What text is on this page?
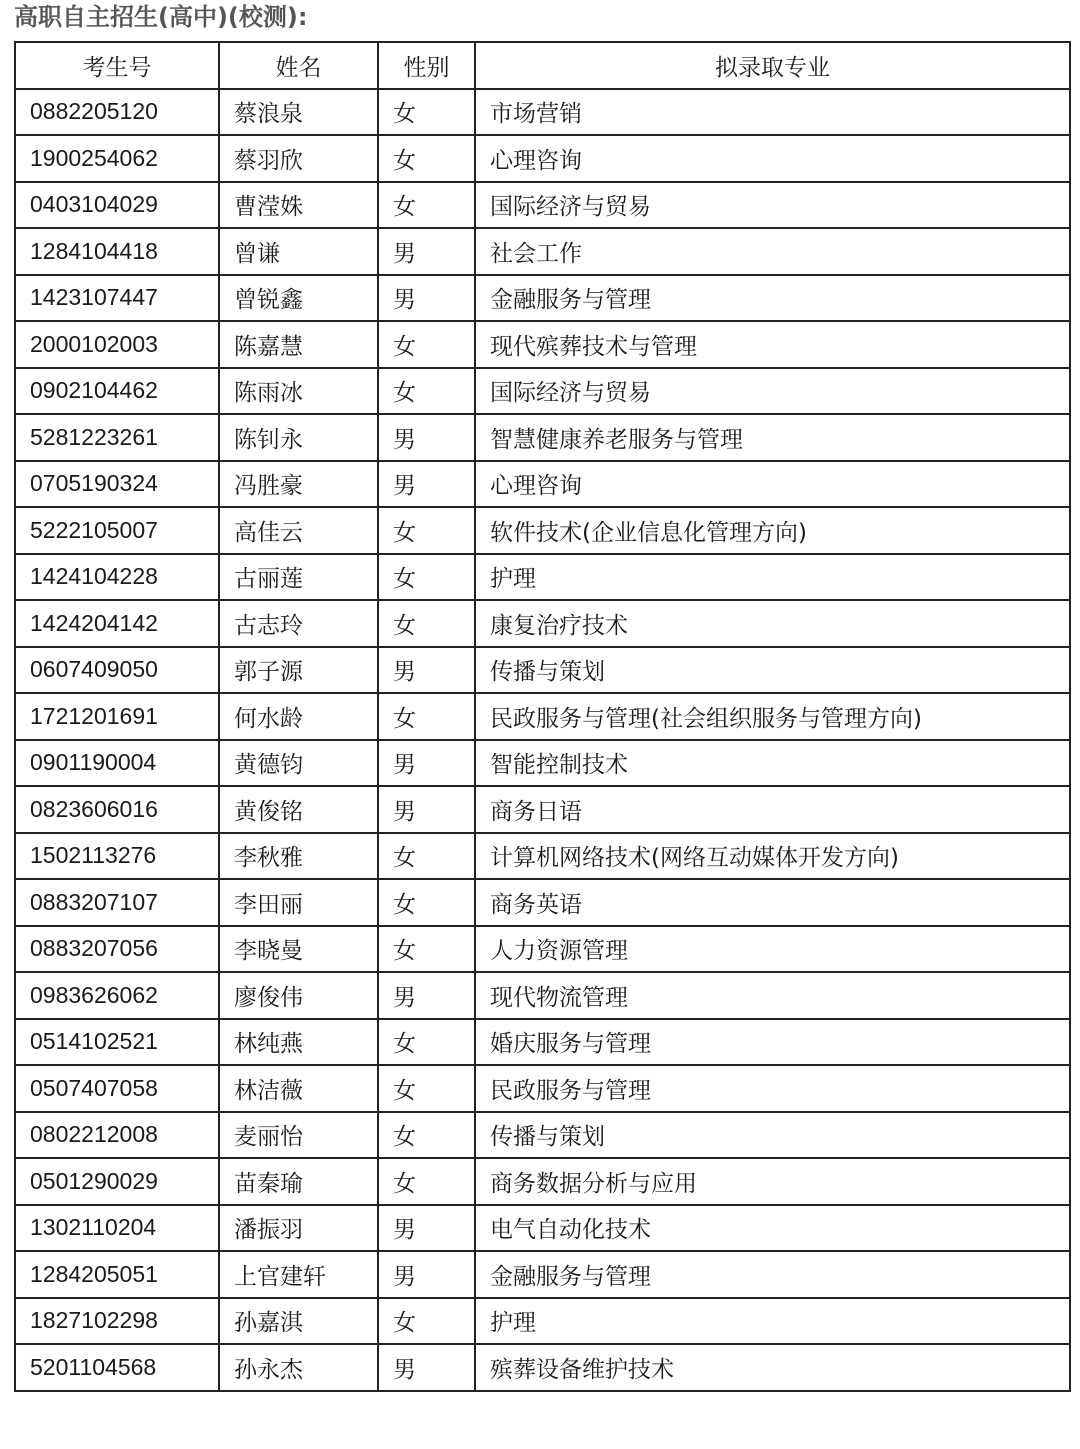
高职自主招生(高中)(校测):
考生号	姓名	性别	拟录取专业
0882205120	蔡浪泉	女	市场营销
1900254062	蔡羽欣	女	心理咨询
0403104029	曹滢姝	女	国际经济与贸易
1284104418	曾谦	男	社会工作
1423107447	曾锐鑫	男	金融服务与管理
2000102003	陈嘉慧	女	现代殡葬技术与管理
0902104462	陈雨冰	女	国际经济与贸易
5281223261	陈钊永	男	智慧健康养老服务与管理
0705190324	冯胜豪	男	心理咨询
5222105007	高佳云	女	软件技术(企业信息化管理方向)
1424104228	古丽莲	女	护理
1424204142	古志玲	女	康复治疗技术
0607409050	郭子源	男	传播与策划
1721201691	何水龄	女	民政服务与管理(社会组织服务与管理方向)
0901190004	黄德钧	男	智能控制技术
0823606016	黄俊铭	男	商务日语
1502113276	李秋雅	女	计算机网络技术(网络互动媒体开发方向)
0883207107	李田丽	女	商务英语
0883207056	李晓曼	女	人力资源管理
0983626062	廖俊伟	男	现代物流管理
0514102521	林纯燕	女	婚庆服务与管理
0507407058	林洁薇	女	民政服务与管理
0802212008	麦丽怡	女	传播与策划
0501290029	苗秦瑜	女	商务数据分析与应用
1302110204	潘振羽	男	电气自动化技术
1284205051	上官建轩	男	金融服务与管理
1827102298	孙嘉淇	女	护理
5201104568	孙永杰	男	殡葬设备维护技术
